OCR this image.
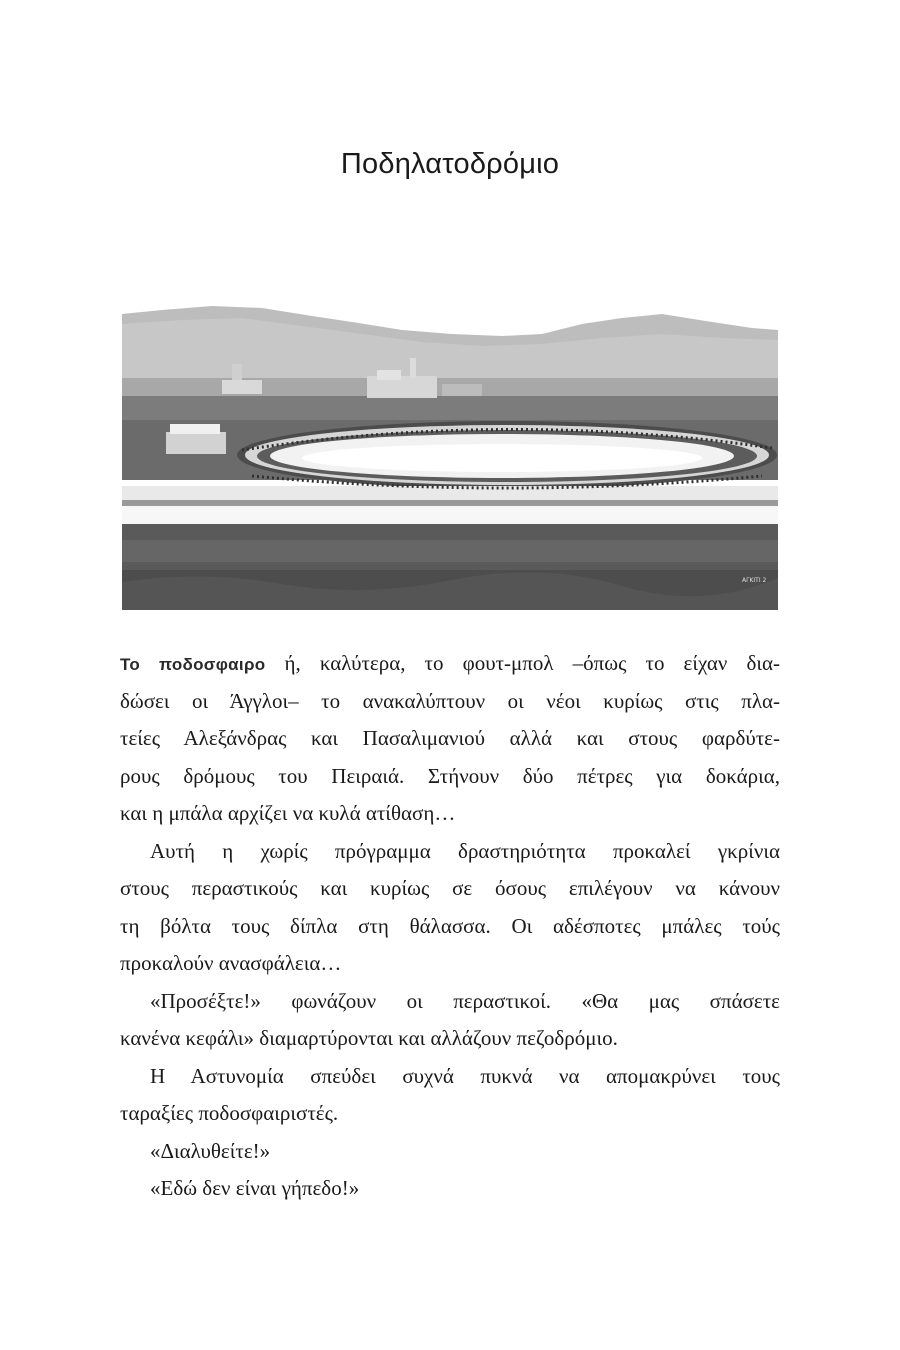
Ποδηλατοδρόμιο
ΑΓΚΙΤΙ 2
Το ποδοσφαιρο ή, καλύτερα, το φουτ-μπολ –όπως το είχαν δια-
δώσει οι Άγγλοι– το ανακαλύπτουν οι νέοι κυρίως στις πλα-
τείες Αλεξάνδρας και Πασαλιμανιού αλλά και στους φαρδύτε-
ρους δρόμους του Πειραιά. Στήνουν δύο πέτρες για δοκάρια,
και η μπάλα αρχίζει να κυλά ατίθαση…
Αυτή η χωρίς πρόγραμμα δραστηριότητα προκαλεί γκρίνια
στους περαστικούς και κυρίως σε όσους επιλέγουν να κάνουν
τη βόλτα τους δίπλα στη θάλασσα. Οι αδέσποτες μπάλες τούς
προκαλούν ανασφάλεια…
«Προσέξτε!» φωνάζουν οι περαστικοί. «Θα μας σπάσετε
κανένα κεφάλι» διαμαρτύρονται και αλλάζουν πεζοδρόμιο.
Η Αστυνομία σπεύδει συχνά πυκνά να απομακρύνει τους
ταραξίες ποδοσφαιριστές.
«Διαλυθείτε!»
«Εδώ δεν είναι γήπεδο!»
